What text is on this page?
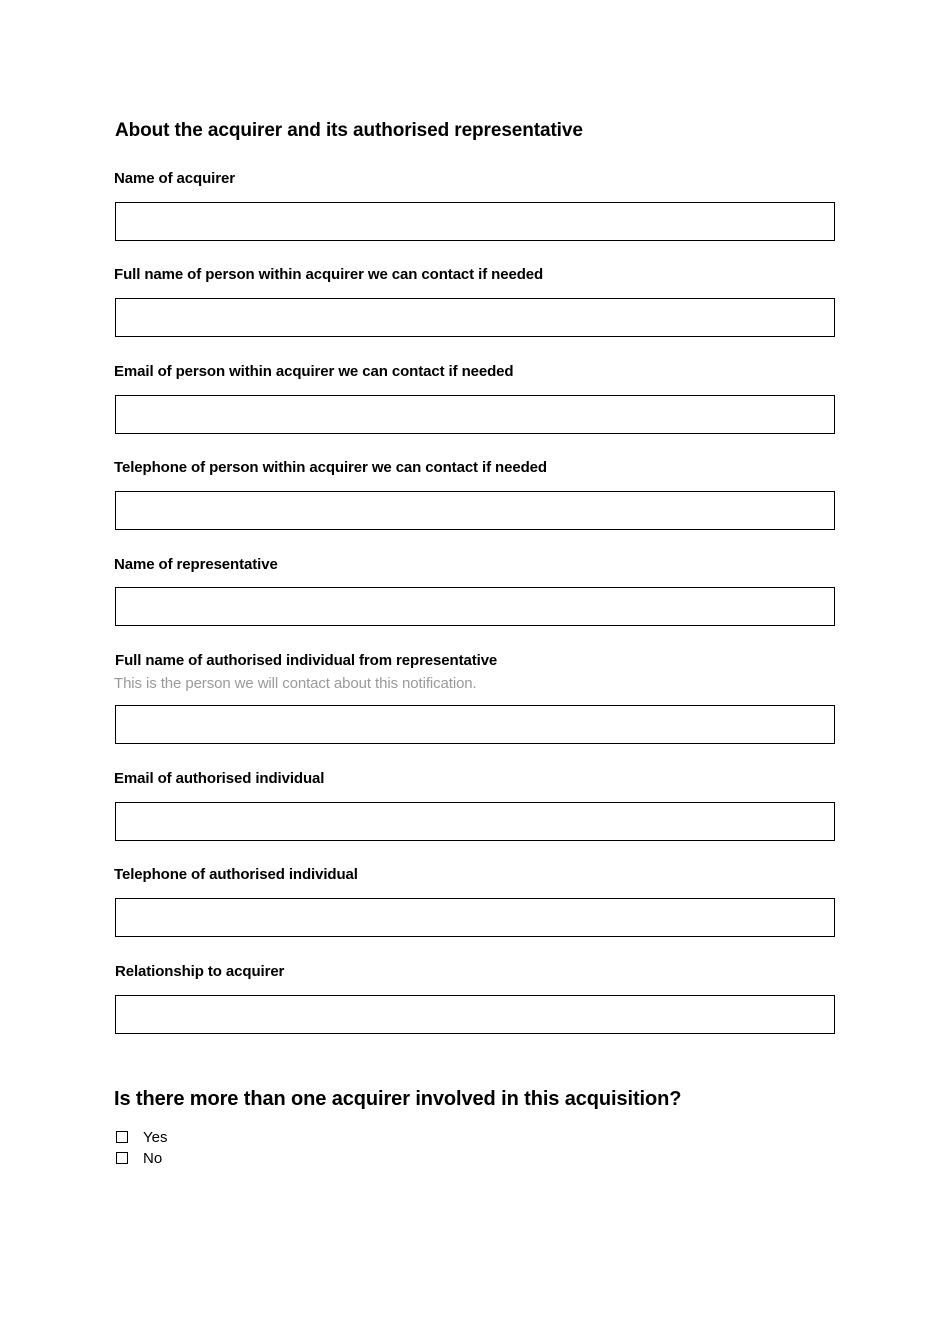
About the acquirer and its authorised representative
Name of acquirer
Full name of person within acquirer we can contact if needed
Email of person within acquirer we can contact if needed
Telephone of person within acquirer we can contact if needed
Name of representative
Full name of authorised individual from representative
This is the person we will contact about this notification.
Email of authorised individual
Telephone of authorised individual
Relationship to acquirer
Is there more than one acquirer involved in this acquisition?
Yes
No
